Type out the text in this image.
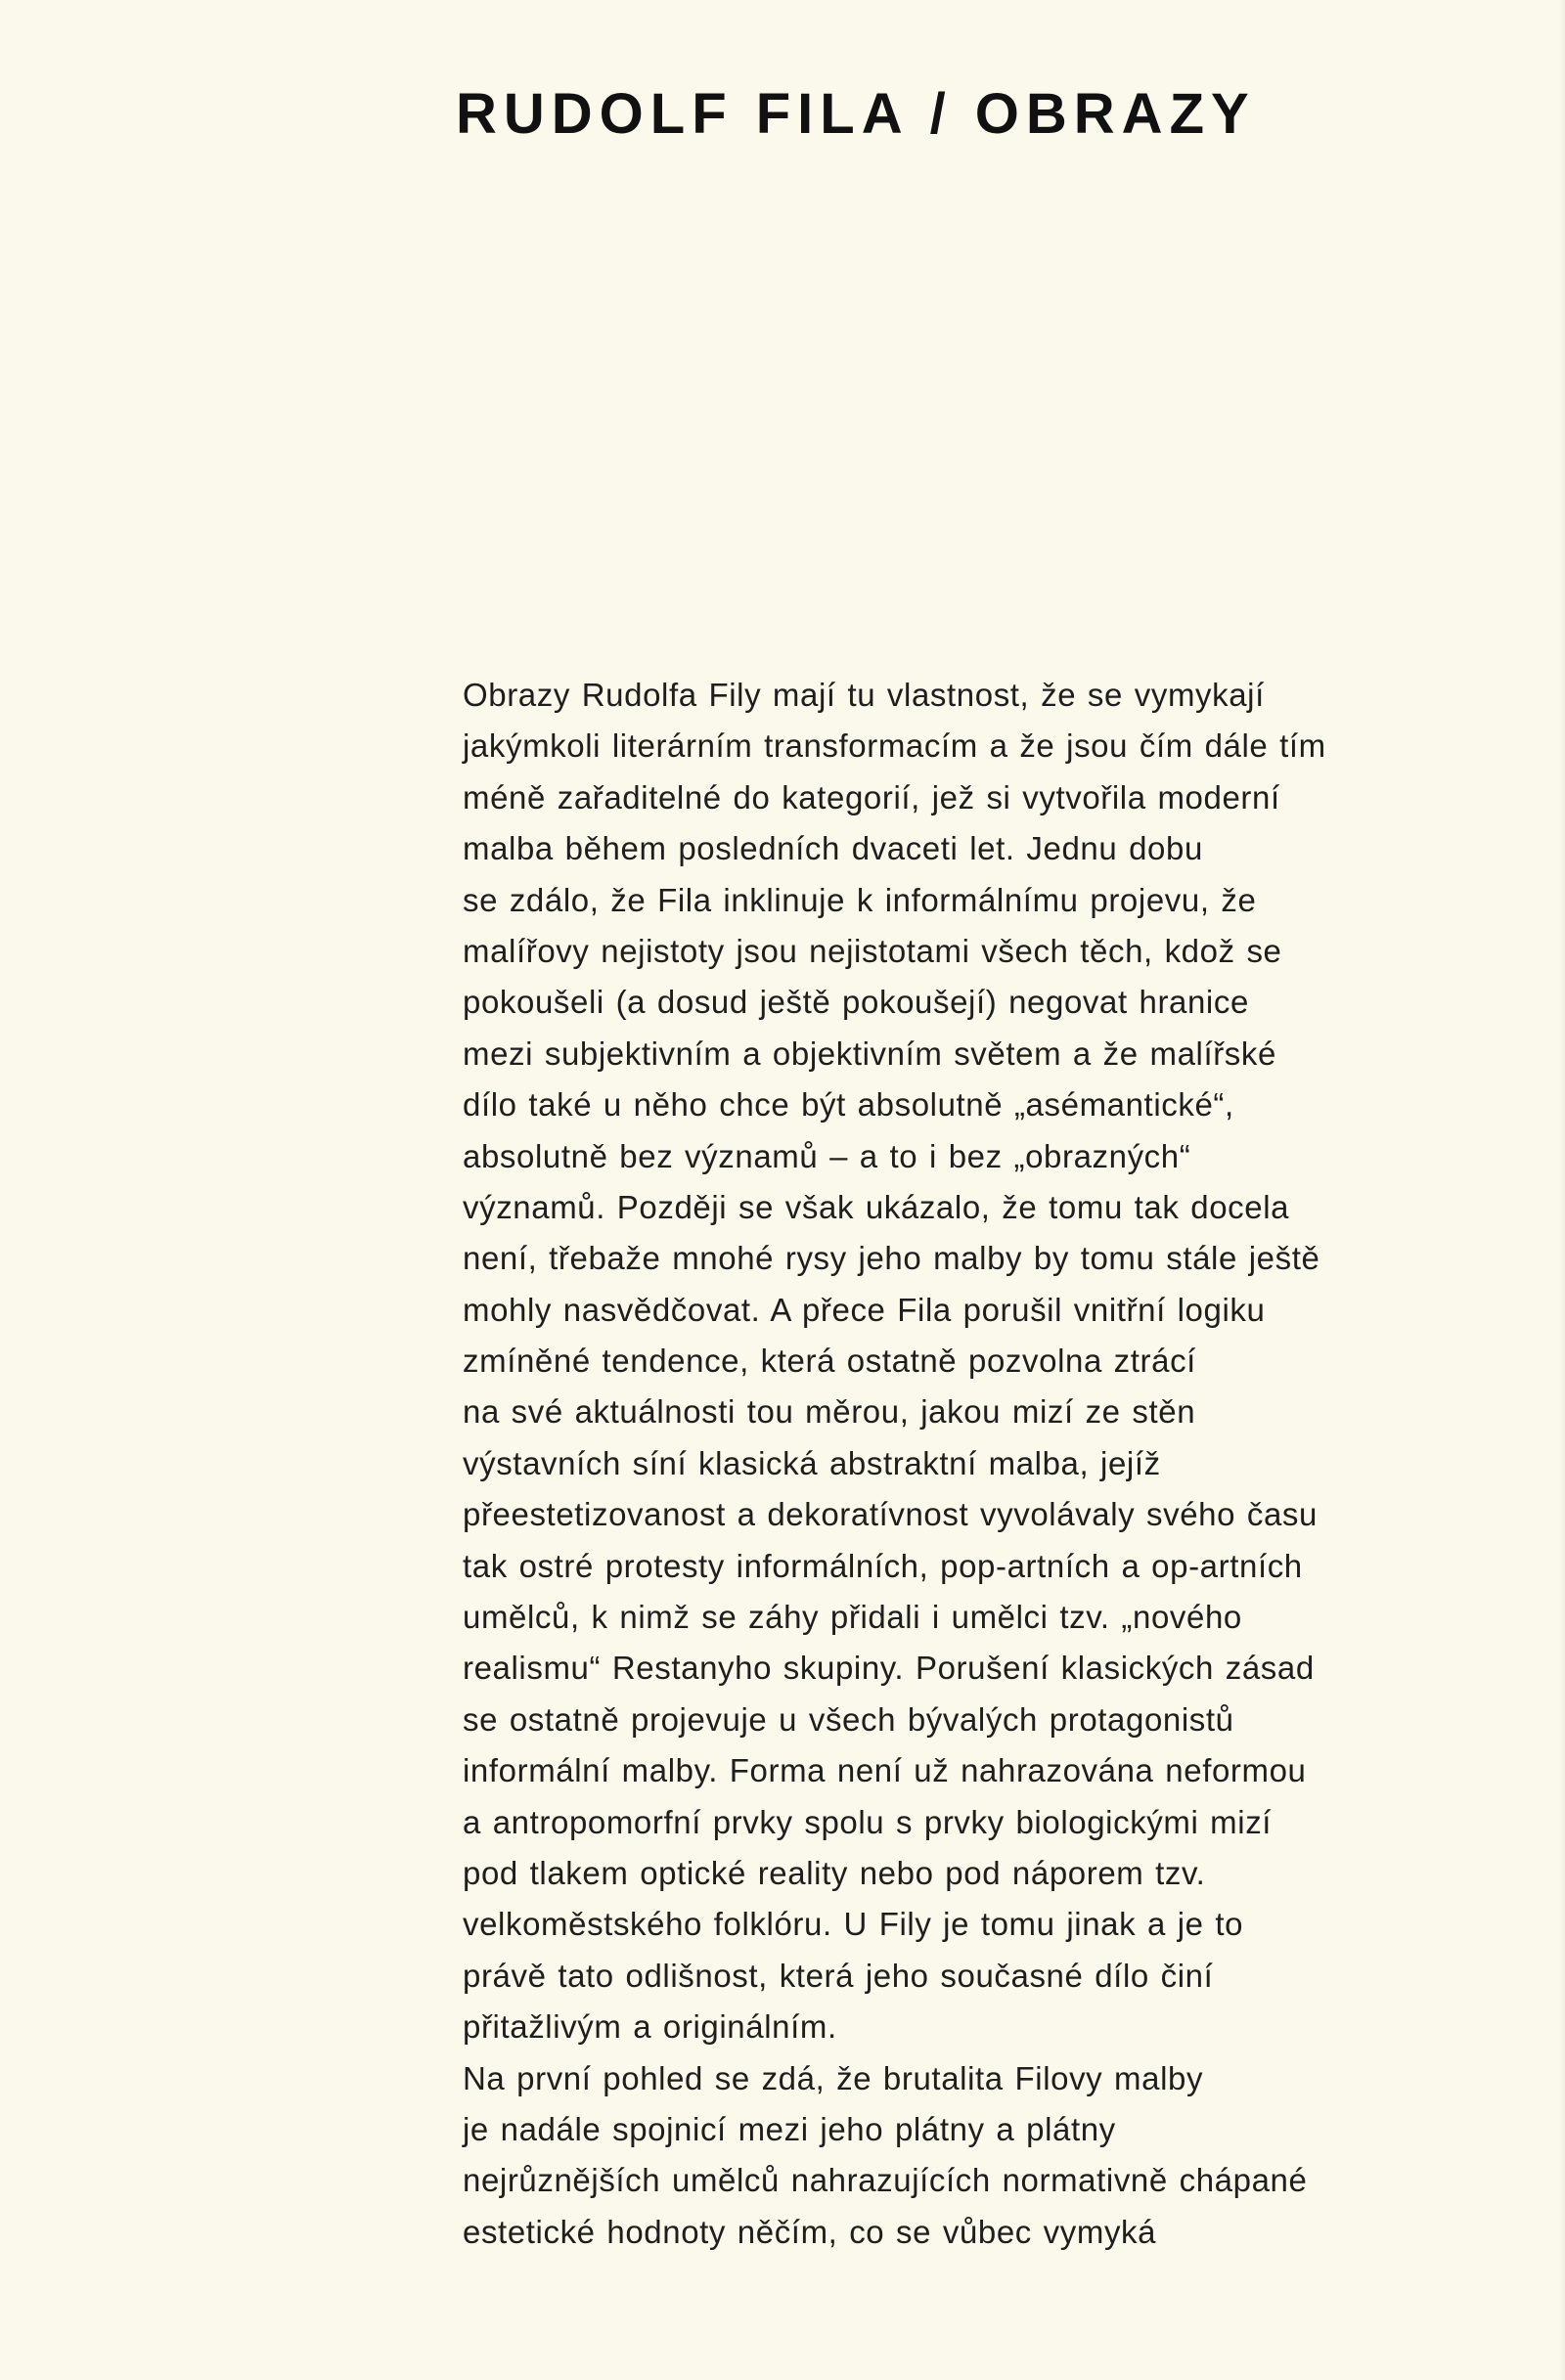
RUDOLF FILA / OBRAZY
Obrazy Rudolfa Fily mají tu vlastnost, že se vymykají
jakýmkoli literárním transformacím a že jsou čím dále tím
méně zařaditelné do kategorií, jež si vytvořila moderní
malba během posledních dvaceti let. Jednu dobu
se zdálo, že Fila inklinuje k informálnímu projevu, že
malířovy nejistoty jsou nejistotami všech těch, kdož se
pokoušeli (a dosud ještě pokoušejí) negovat hranice
mezi subjektivním a objektivním světem a že malířské
dílo také u něho chce být absolutně „asémantické“,
absolutně bez významů – a to i bez „obrazných“
významů. Později se však ukázalo, že tomu tak docela
není, třebaže mnohé rysy jeho malby by tomu stále ještě
mohly nasvědčovat. A přece Fila porušil vnitřní logiku
zmíněné tendence, která ostatně pozvolna ztrácí
na své aktuálnosti tou měrou, jakou mizí ze stěn
výstavních síní klasická abstraktní malba, jejíž
přeestetizovanost a dekoratívnost vyvolávaly svého času
tak ostré protesty informálních, pop-artních a op-artních
umělců, k nimž se záhy přidali i umělci tzv. „nového
realismu“ Restanyho skupiny. Porušení klasických zásad
se ostatně projevuje u všech bývalých protagonistů
informální malby. Forma není už nahrazována neformou
a antropomorfní prvky spolu s prvky biologickými mizí
pod tlakem optické reality nebo pod náporem tzv.
velkoměstského folklóru. U Fily je tomu jinak a je to
právě tato odlišnost, která jeho současné dílo činí
přitažlivým a originálním.
Na první pohled se zdá, že brutalita Filovy malby
je nadále spojnicí mezi jeho plátny a plátny
nejrůznějších umělců nahrazujících normativně chápané
estetické hodnoty něčím, co se vůbec vymyká
